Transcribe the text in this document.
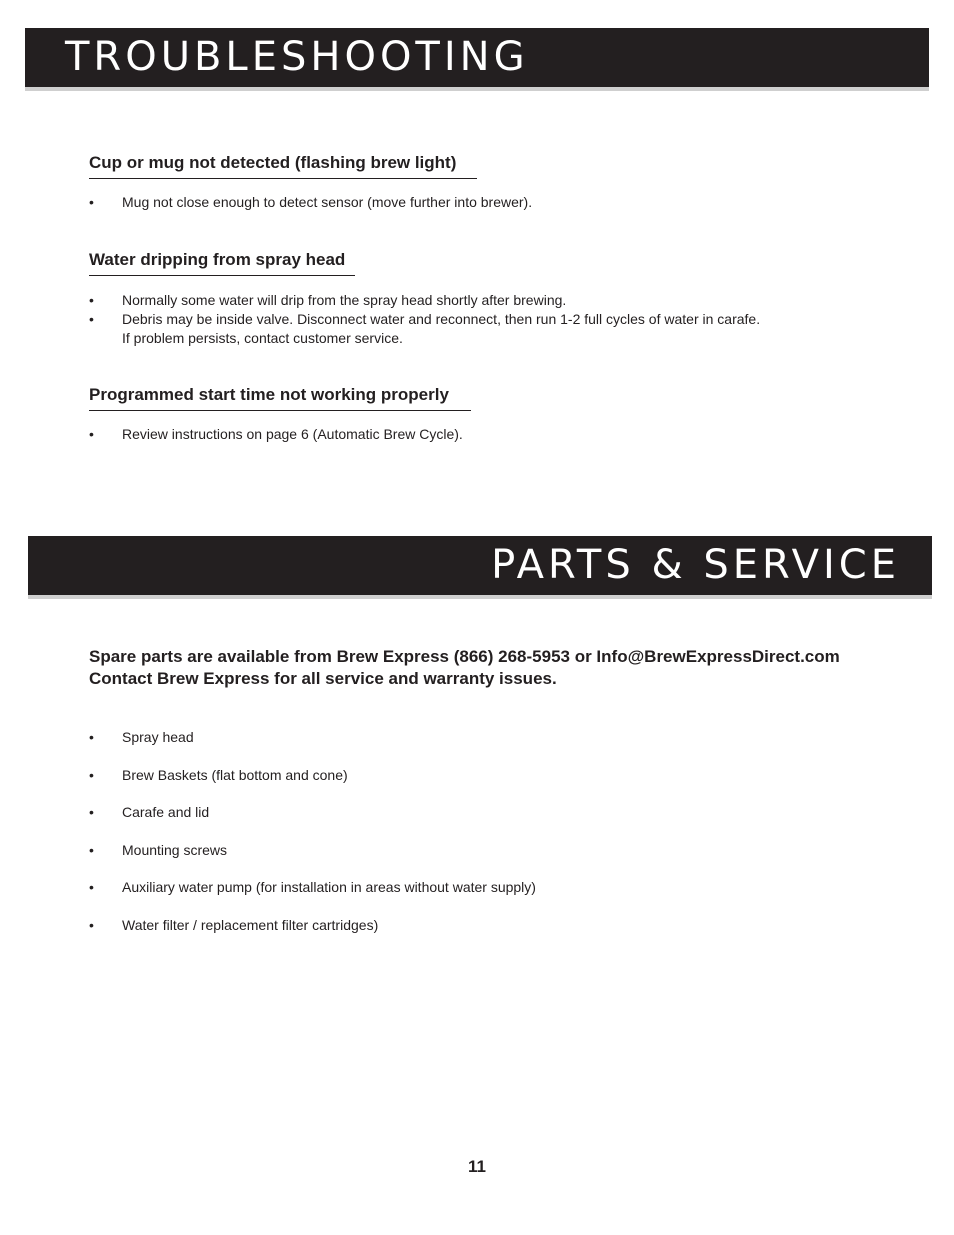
TROUBLESHOOTING
Cup or mug not detected (flashing brew light)
• Mug not close enough to detect sensor (move further into brewer).
Water dripping from spray head
• Normally some water will drip from the spray head shortly after brewing.
• Debris may be inside valve. Disconnect water and reconnect, then run 1-2 full cycles of water in carafe.
If problem persists, contact customer service.
Programmed start time not working properly
• Review instructions on page 6 (Automatic Brew Cycle).
PARTS & SERVICE
Spare parts are available from Brew Express (866) 268-5953 or Info@BrewExpressDirect.com
Contact Brew Express for all service and warranty issues.
• Spray head
• Brew Baskets (flat bottom and cone)
• Carafe and lid
• Mounting screws
• Auxiliary water pump (for installation in areas without water supply)
• Water filter / replacement filter cartridges)
11
